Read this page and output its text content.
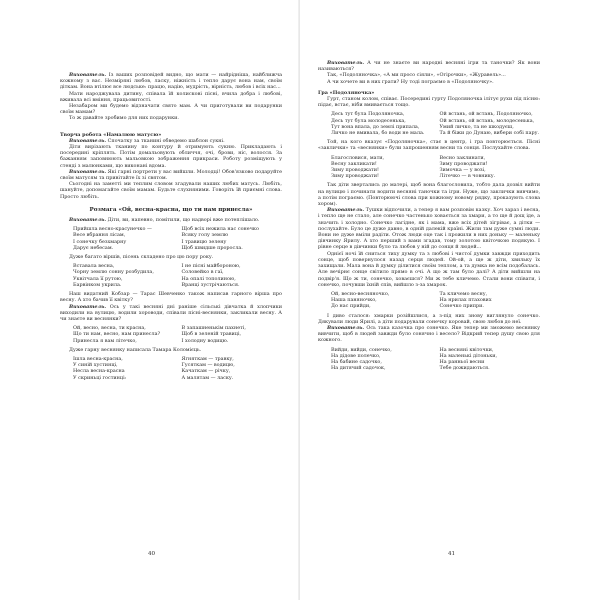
Вихователь. Із ваших розповідей видно, що мати — найрідніша, найближча кожному з вас. Незміряні любов, ласку, ніжність і тепло дарує вона нам, своїм діткам. Вона втілює все людське: працю, надію, мудрість, вірність, любов і всіх нас...

Мати народжувала дитину, співала їй колискові пісні, вчила добра і любові, вживала всі вміння, працьовитості.

Незабаром ми будемо відзначати свято мам. А чи приготували ви подарунки своїм мамам?

То ж давайте зробимо для них подарунки.

Творча робота «Намалюю матусю»

Вихователь. Спочатку за тканині обведемо шаблон сукні.

Діти вирізають тканину по контуру й отримують сукню. Прикладають і посередині кріплять. Потім домальовують обличчя, очі, брови, ніс, волосся. За бажанням заповнюють мальовкою зображення прикраси. Роботу розміщують у стенді з малюнками, що виконані вдома.

Вихователь. Які гарні портрети у вас вийшли. Молодці! Обов'язково подаруйте своїм матусям та привітайте їх зі святом.

Сьогодні на заметті ми теплим словом згадували наших любих матусь. Любіть, шануйте, допомагайте своїм мамам. Будьте слухняними. Говоріть їй приємні слова. Просто любіть.

Розмага «Ой, весна-красна, що ти нам принесла»

Вихователь. Діти, ви, напевно, помітили, що надворі вже потеплішало.

Прийшла весно-красунечко —	Щоб всіх нежила нас сонечко
Весе вбрання лісам,	Всяку голу землю
І сонечку безхмарну	І травицю зелену
Дарує небесам.	Щоб швидше проросла.

Дуже багато віршів, пісень складено про цю пору року.

Вставала весна,	І не пісні майбороною,
Чорну землю сонну розбудила,	Соловейко в гаї,
Уквітчала її рутою,	На опалі тополиною,
Барвінком укрила.	Вранці зустрічаються.

Наш видатний Кобзар — Тарас Шевченко також написав гарного вірша про весну. А хто бачив її квітку?

Вихователь. Ось у такі весняні дні раніше сільські дівчатка й хлопчики виходили на вулицю, водили хороводи, співали пісні-веснянки, закликали весну. А чи знаєте ви веснянки?

Ой, весно, весна, ти красна,	В запашненькім пахнеті,
Що ти нам, весно, нам принесла?	Щоб в зеленій травиці,
Принесла я вам літечко,	І холодну водицю.

Дуже гарну веснянку написала Тамара Коломієць.

Ішла весна-красна,	Ягняткам — травку,
У синій хустинці,	Гусяткам — водицю,
Несла весна-красна	Качаткам — річку,
У скриньці гостинці:	А малятам — ласку.
40

Вихователь. А чи не знаєте ви народні весняні ігри та таночки? Як вони називаються?

Так, «Подоляночка», «А ми просо сіяли», «Огірочки», «Журавель»...

А чи хочете ви в них грати? Ну тоді пограємо в «Подоляночку».

Гра «Подоляночка»

Гурт, станом колом, співає. Посередині гурту Подоляночка ілітує рухи під пісню: підає, встає, ніби вмивається тощо.

Десь тут була Подоляночка,	Ой встань, ой встань, Подоляночко,
Десь тут була молодесенька,	Ой встань, ой встань, молодесенька,
Тут вона впала, до землі припала,	Умий личко, та не шкодуєш,
Личко не вмивала, бо води не мала.	Та й біжи до Дунаю, вибери собі пару.

Той, на кого вказує «Подоляночка», стає в центр, і гра повторюється. Пісні «заклички» та «веснянки» були запрошенням весни та сонця. Послухайте слова.

Благословися, мати,	Весно заклинати,
Весну закликати!	Зиму проводжати!
Зиму проводжати!	Зимочка — у возі,
Зиму проводжати!	Літечко — в човнику.

Так діти звертались до матері, щоб вона благословила, тобто дала дозвіл вийти на вулицю і починати водити весняні таночки та ігри. Нуже, що заклички вивчимо, а потім пограємо. (Повторюючі слова при кожному новому рядку, проказують слова хором).

Вихователь. Тушки відпочили, а тепер я вам розповім казку. Хоч зараз і весна, і тепло ще не стало, але сонечко частенько ховається за хмари, а то ще й дощ іде, а значить і холодно. Сонечко лагідне, як і мама, вже всіх дітей зігріває, а дітки — послухайте. Було це дуже давно, в одній далекій країні. Жили там дуже сумні люди. Вони не дуже вміли радіти. Отож люди оце так і прожили в них доньку — маленьку дівчинку Ярилу. А хто перший з вами згадав, тому золотою квіточкою подякую. І рівне серце в дівчинки було та любов у ній до сонця й людей...

Однієї ночі їй сниться тиху думку та з любові і чистої думки завжди приходить сонце, щоб повернулося назад серця людей. Ой-ой, а ще ж діти, хвильку їх захищали. Мала вона й думку ділитися своїм теплом, а та думка не всім подобалась. Але вечірнє сонце світило прямо в очі. А що ж там було далі? А діти вийшли на подвір'я. Що ж ти, сонечко, ховаєшся? Ми ж тебе кличемо. Стали вони співати, і сонечко, почувши їхній спів, вийшло з-за хмарок.

Ой, весно-весняночко,	Та кличемо весну,
Наша паняночко,	На нрилах птахових
До нас прийди,	Сонечко припри.

І диво сталося: хмарки розійшлися, а з-під них знову виглянуло сонечко. Дякували люди Ярилі, а діти подарували сонечку коровай, свою любов до неї.

Вихователь. Ось така казочка про сонечко. Яке тепер ми зможемо веснянку вивчити, щоб в людей завжди було сонячно і весело? Відкрий тепер душу свою для кожного.

Вийди, вийди, сонечко,	На весняні квіточки,
На дідове полечко,	На маленькі дітоньки,
На бабине садочко,	На ранньої весни
На дитячий садочок,	Тебе дожидаються.
41
